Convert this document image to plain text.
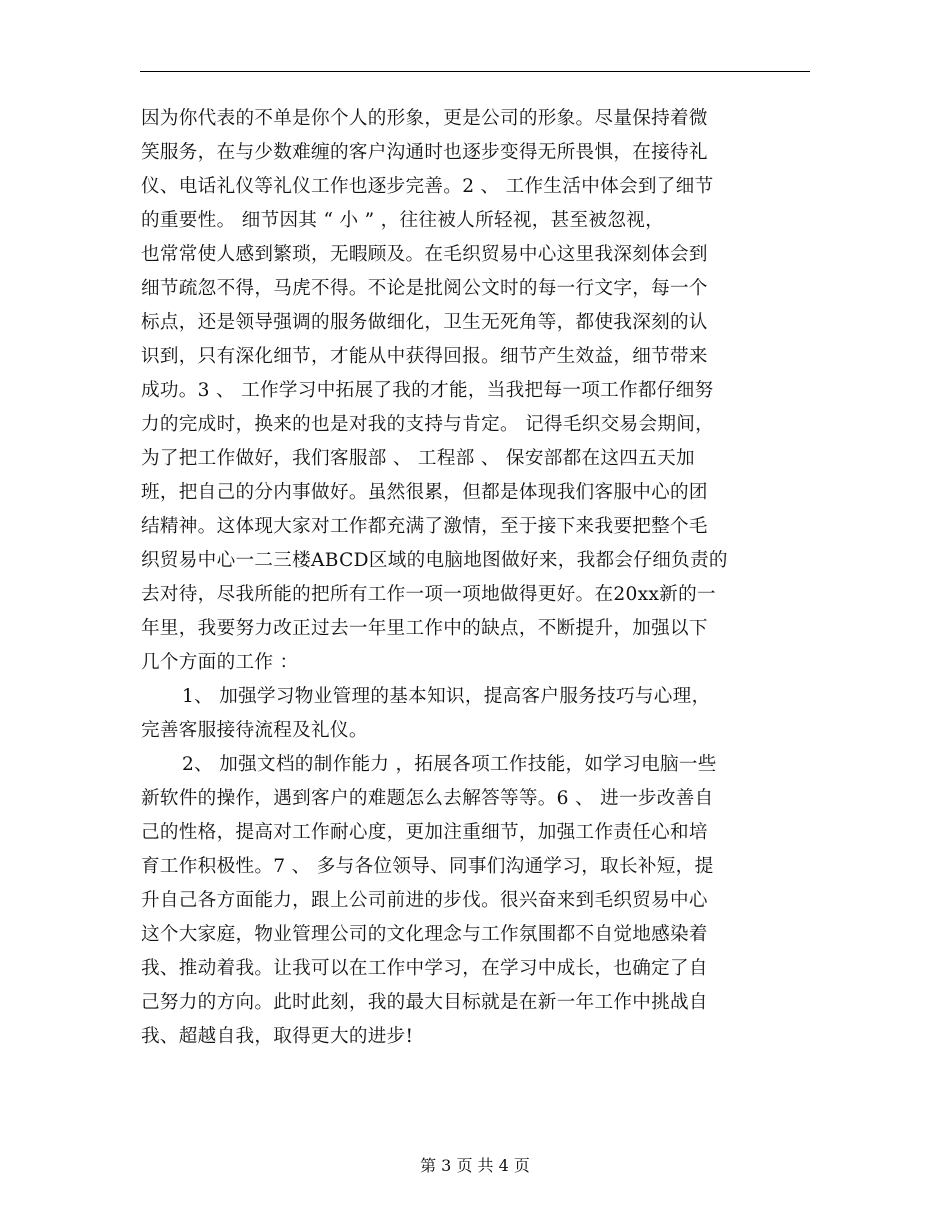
因为你代表的不单是你个人的形象，更是公司的形象。尽量保持着微
笑服务，在与少数难缠的客户沟通时也逐步变得无所畏惧，在接待礼
仪、电话礼仪等礼仪工作也逐步完善。2 、 工作生活中体会到了细节
的重要性。 细节因其 “ 小 ” ，往往被人所轻视，甚至被忽视，
也常常使人感到繁琐，无暇顾及。在毛织贸易中心这里我深刻体会到
细节疏忽不得，马虎不得。不论是批阅公文时的每一行文字，每一个
标点，还是领导强调的服务做细化，卫生无死角等，都使我深刻的认
识到，只有深化细节，才能从中获得回报。细节产生效益，细节带来
成功。3 、 工作学习中拓展了我的才能，当我把每一项工作都仔细努
力的完成时，换来的也是对我的支持与肯定。 记得毛织交易会期间，
为了把工作做好，我们客服部 、 工程部 、 保安部都在这四五天加
班，把自己的分内事做好。虽然很累，但都是体现我们客服中心的团
结精神。这体现大家对工作都充满了激情，至于接下来我要把整个毛
织贸易中心一二三楼ABCD区域的电脑地图做好来，我都会仔细负责的
去对待，尽我所能的把所有工作一项一项地做得更好。在20xx新的一
年里，我要努力改正过去一年里工作中的缺点，不断提升，加强以下
几个方面的工作 ：
1、 加强学习物业管理的基本知识，提高客户服务技巧与心理，
完善客服接待流程及礼仪。
2、 加强文档的制作能力 ，拓展各项工作技能，如学习电脑一些
新软件的操作，遇到客户的难题怎么去解答等等。6 、 进一步改善自
己的性格，提高对工作耐心度，更加注重细节，加强工作责任心和培
育工作积极性。7 、 多与各位领导、同事们沟通学习，取长补短，提
升自己各方面能力，跟上公司前进的步伐。很兴奋来到毛织贸易中心
这个大家庭，物业管理公司的文化理念与工作氛围都不自觉地感染着
我、推动着我。让我可以在工作中学习，在学习中成长，也确定了自
己努力的方向。此时此刻，我的最大目标就是在新一年工作中挑战自
我、超越自我，取得更大的进步!
第 3 页 共 4 页
